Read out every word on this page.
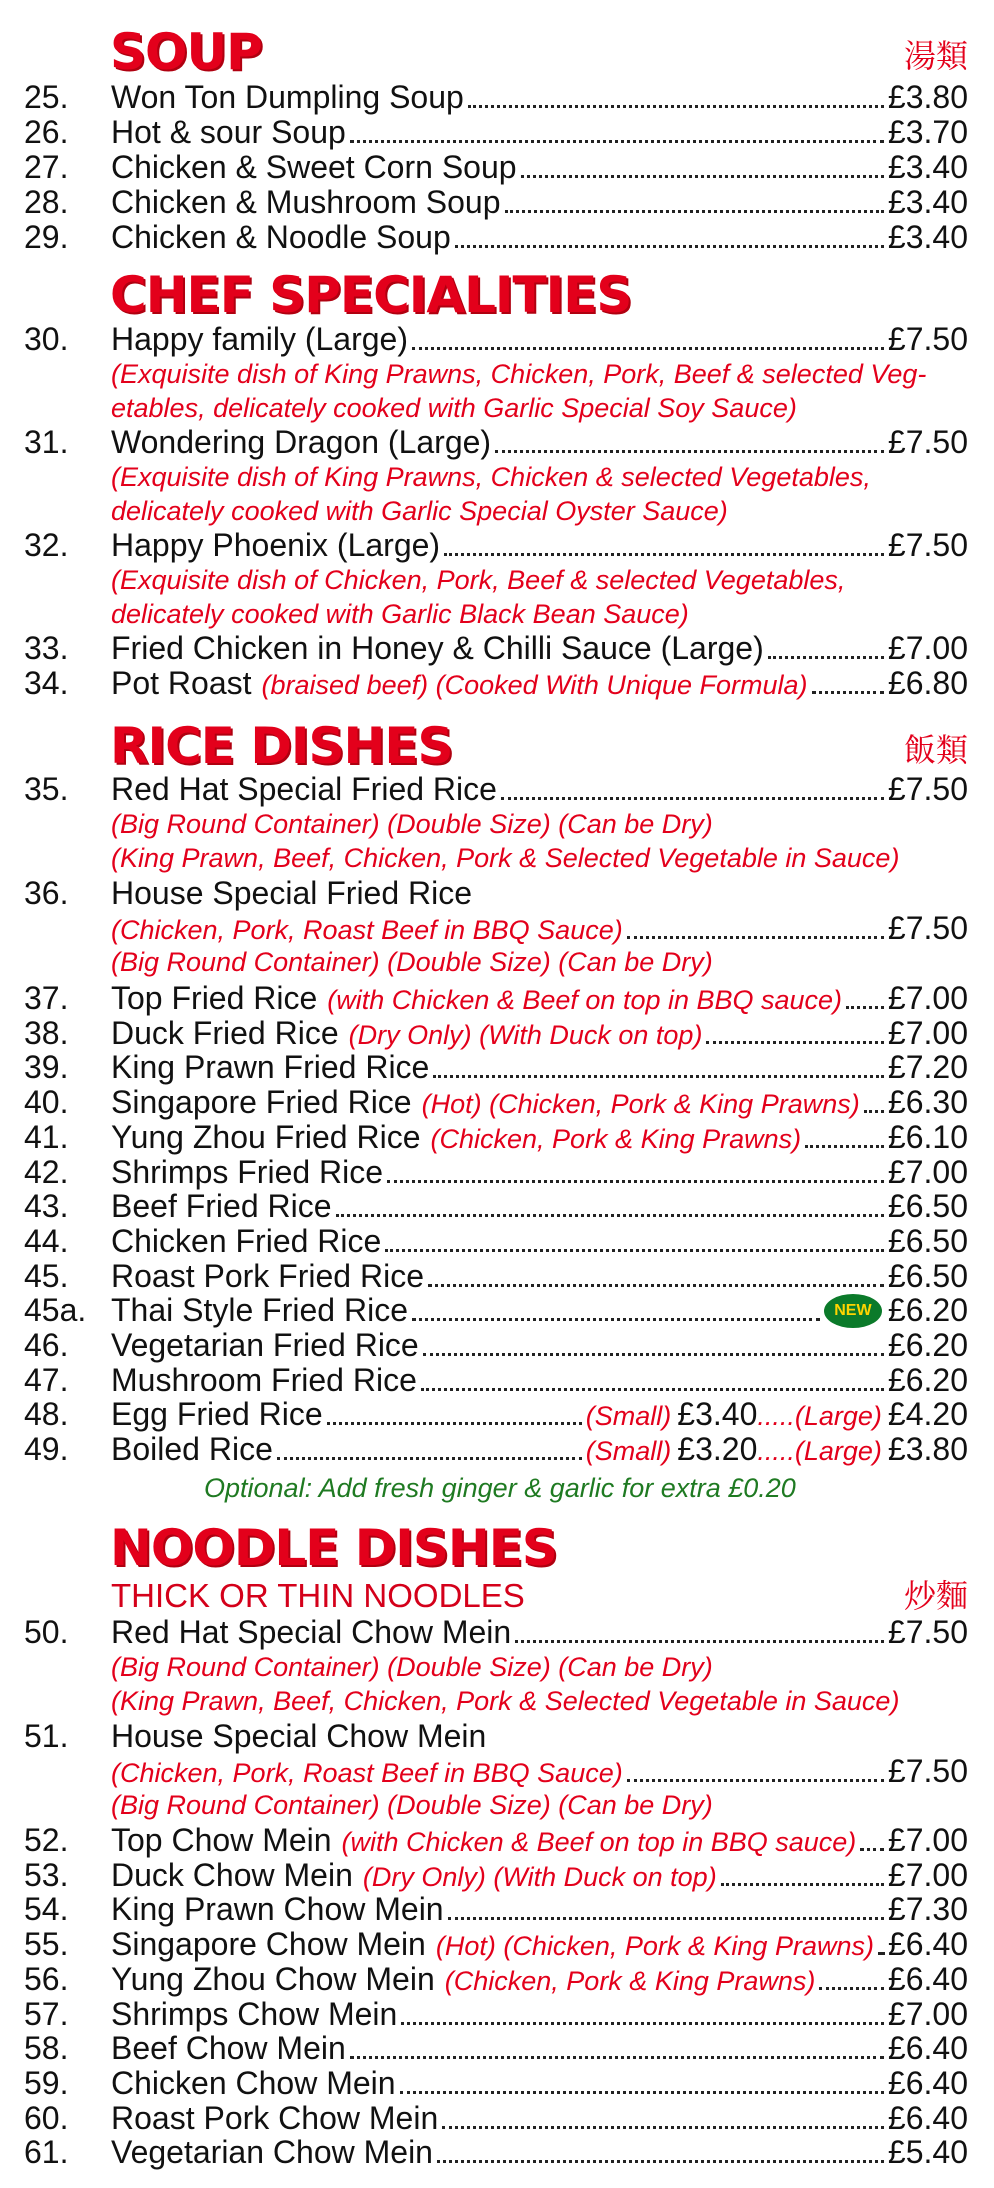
SOUP	湯類
25. Won Ton Dumpling Soup	£3.80
26. Hot & sour Soup	£3.70
27. Chicken & Sweet Corn Soup	£3.40
28. Chicken & Mushroom Soup	£3.40
29. Chicken & Noodle Soup	£3.40
CHEF SPECIALITIES
30. Happy family (Large)	£7.50
(Exquisite dish of King Prawns, Chicken, Pork, Beef & selected Veg-
etables, delicately cooked with Garlic Special Soy Sauce)
31. Wondering Dragon (Large)	£7.50
(Exquisite dish of King Prawns, Chicken & selected Vegetables,
delicately cooked with Garlic Special Oyster Sauce)
32. Happy Phoenix (Large)	£7.50
(Exquisite dish of Chicken, Pork, Beef & selected Vegetables,
delicately cooked with Garlic Black Bean Sauce)
33. Fried Chicken in Honey & Chilli Sauce (Large)	£7.00
34. Pot Roast (braised beef) (Cooked With Unique Formula)	£6.80
RICE DISHES	飯類
35. Red Hat Special Fried Rice	£7.50
(Big Round Container) (Double Size) (Can be Dry)
(King Prawn, Beef, Chicken, Pork & Selected Vegetable in Sauce)
36. House Special Fried Rice
(Chicken, Pork, Roast Beef in BBQ Sauce)	£7.50
(Big Round Container) (Double Size) (Can be Dry)
37. Top Fried Rice (with Chicken & Beef on top in BBQ sauce) £7.00
38. Duck Fried Rice (Dry Only) (With Duck on top)	£7.00
39. King Prawn Fried Rice	£7.20
40. Singapore Fried Rice (Hot) (Chicken, Pork & King Prawns) £6.30
41. Yung Zhou Fried Rice (Chicken, Pork & King Prawns)	£6.10
42. Shrimps Fried Rice	£7.00
43. Beef Fried Rice	£6.50
44. Chicken Fried Rice	£6.50
45. Roast Pork Fried Rice	£6.50
45a. Thai Style Fried Rice	NEW £6.20
46. Vegetarian Fried Rice	£6.20
47. Mushroom Fried Rice	£6.20
48. Egg Fried Rice	(Small) £3.40 .....(Large) £4.20
49. Boiled Rice	(Small) £3.20 .....(Large) £3.80
Optional: Add fresh ginger & garlic for extra £0.20
NOODLE DISHES
炒麵
THICK OR THIN NOODLES
50. Red Hat Special Chow Mein	£7.50
(Big Round Container) (Double Size) (Can be Dry)
(King Prawn, Beef, Chicken, Pork & Selected Vegetable in Sauce)
51. House Special Chow Mein
(Chicken, Pork, Roast Beef in BBQ Sauce)	£7.50
(Big Round Container) (Double Size) (Can be Dry)
52. Top Chow Mein (with Chicken & Beef on top in BBQ sauce) £7.00
53. Duck Chow Mein (Dry Only) (With Duck on top)	£7.00
54. King Prawn Chow Mein	£7.30
55. Singapore Chow Mein (Hot) (Chicken, Pork & King Prawns) £6.40
56. Yung Zhou Chow Mein (Chicken, Pork & King Prawns) £6.40
57. Shrimps Chow Mein	£7.00
58. Beef Chow Mein	£6.40
59. Chicken Chow Mein	£6.40
60. Roast Pork Chow Mein	£6.40
61. Vegetarian Chow Mein	£5.40
